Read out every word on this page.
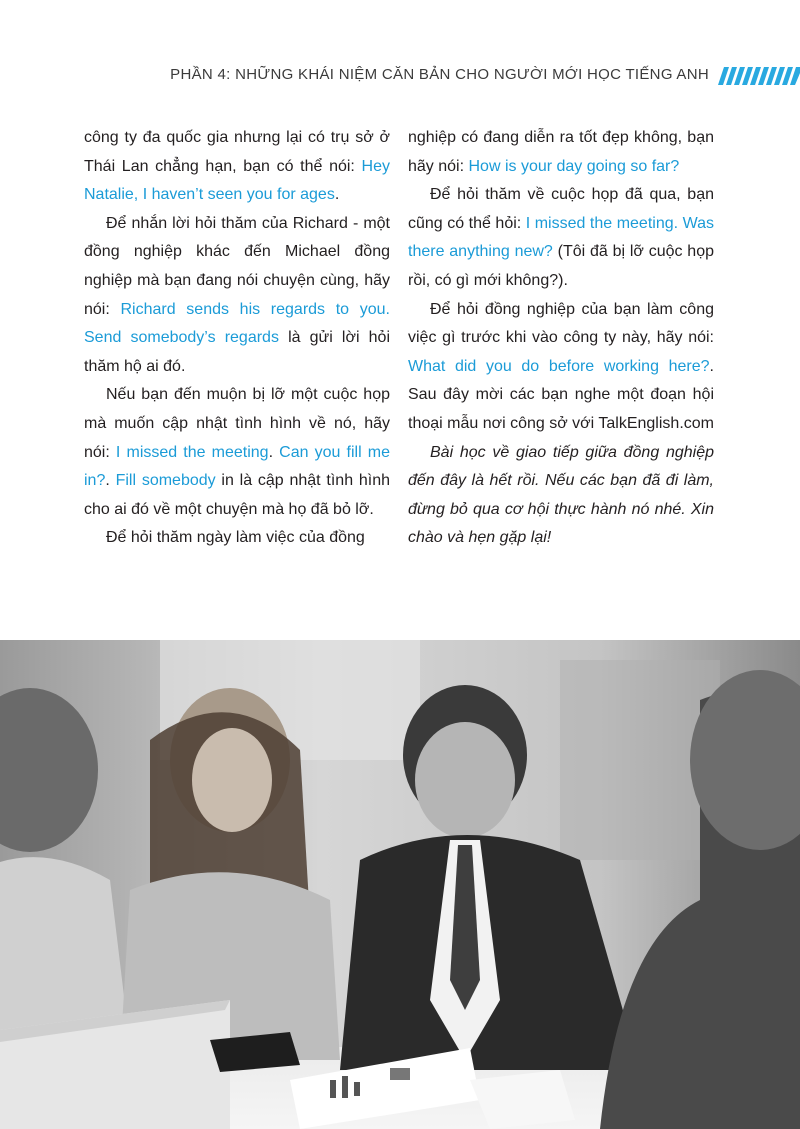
PHẦN 4: NHỮNG KHÁI NIỆM CĂN BẢN CHO NGƯỜI MỚI HỌC TIẾNG ANH

công ty đa quốc gia nhưng lại có trụ sở ở Thái Lan chẳng hạn, bạn có thể nói: Hey Natalie, I haven’t seen you for ages.

Để nhắn lời hỏi thăm của Richard - một đồng nghiệp khác đến Michael đồng nghiệp mà bạn đang nói chuyện cùng, hãy nói: Richard sends his regards to you. Send somebody’s regards là gửi lời hỏi thăm hộ ai đó.

Nếu bạn đến muộn bị lỡ một cuộc họp mà muốn cập nhật tình hình về nó, hãy nói: I missed the meeting. Can you fill me in?. Fill somebody in là cập nhật tình hình cho ai đó về một chuyện mà họ đã bỏ lỡ.

Để hỏi thăm ngày làm việc của đồng

nghiệp có đang diễn ra tốt đẹp không, bạn hãy nói: How is your day going so far?

Để hỏi thăm về cuộc họp đã qua, bạn cũng có thể hỏi: I missed the meeting. Was there anything new? (Tôi đã bị lỡ cuộc họp rồi, có gì mới không?).

Để hỏi đồng nghiệp của bạn làm công việc gì trước khi vào công ty này, hãy nói: What did you do before working here?. Sau đây mời các bạn nghe một đoạn hội thoại mẫu nơi công sở với TalkEnglish.com

Bài học về giao tiếp giữa đồng nghiệp đến đây là hết rồi. Nếu các bạn đã đi làm, đừng bỏ qua cơ hội thực hành nó nhé. Xin chào và hẹn gặp lại!
